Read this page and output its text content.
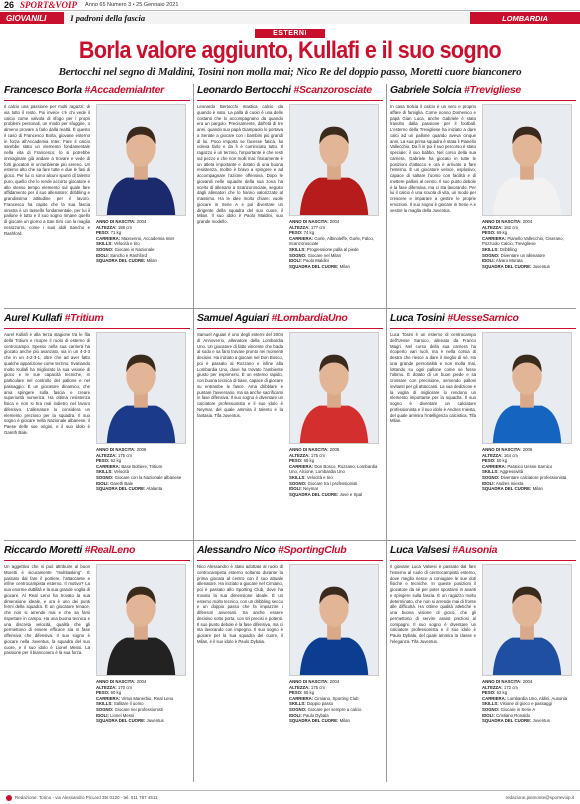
26 SPORT&VOIP Anno 65 Numero 3 • 25 Gennaio 2021
GIOVANILI	I padroni della fascia	LOMBARDIA
ESTERNI
Borla valore aggiunto, Kullafi e il suo sogno
Bertocchi nel segno di Maldini, Tosini non molla mai; Nico Re del doppio passo, Moretti cuore bianconero
Francesco Borla #AccademiaInter
Il calcio una passione per molti ragazzi: di via tutto il resto. Poi invece c'è chi vede il calcio come valvola di sfogo per i propri problemi personali, un modo per sfuggire, o almeno provare a farlo dalla realtà. È questo il caso di Francesco Borla, giovane esterno in forza all'Accademia Inter. Fare il calcio sarebbe stato un elemento fondamentale nella vita di Francesco; lo si potrebbe immaginare già andare a trovare e vede di forti giocatori in un'ambiente più sereno. Un esterno alto che sa fare tutte e due le fasi di gioco. Per lui ci sono alcuni spunti di talento puro, quello che lo rende accorto giocatore e allo stesso tempo elemento sul quale fare affidamento per il suo allenatore: dribbling e grandissima attitudine per il lavoro. Francesco ha capito che la sua fascia sinistra è un tassello fondamentale, per lui il pallone è tutto e il suo sogno rimane quello di giocare un giorno a San Siro con la maglia nerazzurra, come i suoi idoli Sancho e Rashford.
ANNO DI NASCITA: 2004
ALTEZZA: 188 cm
PESO: 71 kg
CARRIERA: Maxsenroi, Accademia Inter
SKILLS: Velocità e tiro
SOGNO: Giocare in Nazionale
IDOLI: Sancho e Rashford
SQUADRA DEL CUORE: Milan
Leonardo Bertocchi #Scanzorosciate
Leonardo Bertocchi mastica calcio da quando è nato. La palla di cuoio è una delle costanti che lo accompagnano da quando era un pargolo. Precisamente, dall'età di tre anni, quando suo papà Giampaolo lo portava a Seriate a giocare con i bambini più grandi di lui. Poco importa se facesse fatica, lui voleva farlo e da lì è cominciato tutto. Il ragazzo è un terzino, l'importante è che resti sul pezzo e che non molli mai: fisicamente è un atleta importante e dotato di una buona resistenza. Inoltre è bravo a spingere e ad accompagnare l'azione offensiva. Dopo le giovanili nelle squadre della sua zona ha scelto di allenarsi a Scanzorosciate, seguito dagli allenatori che lo hanno valorizzato al massimo. Ha le idee molto chiare: vuole giocare in Serie A e poi diventare un dirigente della squadra del suo cuore, il Milan. Il suo idolo è Paolo Maldini, suo grande modello.	ANNO DI NASCITA: 2004
ALTEZZA: 177 cm
PESO: 74 kg
CARRIERA: Gorle, Albinoleffe, Gorle, Falco, Scanzorosciate
SKILLS: Progressione palla al piede
SOGNO: Giocare nel Milan
IDOLI: Paolo Maldini
SQUADRA DEL CUORE: Milan
Gabriele Solcia #Trevigliese
In casa Solcia il calcio è un vero e proprio affare di famiglia. Come nonno Domenico e papà Gian Luca, anche Gabriele è stato travolto dalla passione per il football. L'esterno della Trevigliese ha iniziato a dare calci ad un pallone quando aveva cinque anni. La sua prima squadra è stata il Pianello Vallecchio. Da lì in poi il suo percorso è stato speciale: il suo babbo, Nel corso della sua carriera, Gabriele ha giocato in tutte le posizioni d'attacco e ora è arrivato a fare l'esterno. È un giocatore veloce, esplosivo, capace di saltare l'uomo con facilità e di mettere palloni al centro. Il suo punto debole è la fase difensiva, ma ci sta lavorando. Per lui il calcio è una scuola di vita, un modo per crescere e imparare a gestire le proprie emozioni. Il suo sogno è giocare in Serie A e vestire la maglia della Juventus.
ANNO DI NASCITA: 2004
ALTEZZA: 182 cm
PESO: 69 kg
CARRIERA: Pianello Vallecchio, Ciserano, Pozzuolo Calcio, Trevigliese
SKILLS: Dribbling
SOGNO: Diventare un allenatore
IDOLI: Alvaro Morata
SQUADRA DEL CUORE: Juventus
Aurel Kullafi #Tritium
Aurel Kullafi è alla terza stagione tra le fila della Tritium e ricopre il ruolo di esterno di centrocampo. Spesso nella sua carriera ha giocato anche più avanzato, sia in un 4-3-3 che in un 4-2-3-1, oltre che ad aver fatto qualche apparizione come terzino. Svariando molto Kullafi ha migliorato la sua visione di gioco e le sue capacità tecniche, in particolare nel controllo del pallone e nel passaggio. È un giocatore dinamico, che ama spingere sulla fascia e creare superiorità numerica. Ha ottima resistenza fisica e non si tira mai indietro nel lavoro difensivo. L'allenatore lo considera un elemento prezioso per la squadra. Il suo sogno è giocare nella Nazionale albanese, il Paese delle sue origini, e il suo idolo è Gareth Bale.
ANNO DI NASCITA: 2006
ALTEZZA: 175 cm
PESO: 62 kg
CARRIERA: Base Boltiere, Tritium
SKILLS: Velocità
SOGNO: Giocare con la Nazionale albanese
IDOLI: Gareth Bale
SQUADRA DEL CUORE: Atalanta
Samuel Aguiari #LombardiaUno
Samuel Aguiari è uno degli esterni del 2004 di Annoverrio, allenatore della Lombardia Uno. Un giocatore di fatto vincente che bada al sodo e sa farsi trovare pronto nei momenti decisivi. Ha iniziato a giocare nel Don Bosco, poi è passato al Rozzano e infine alla Lombardia Uno, dove ha trovato l'ambiente giusto per esprimersi. È un esterno rapido, con buona tecnica di base, capace di giocare su entrambe le fasce. Ama dribblare e puntare l'avversario, ma sa anche sacrificarsi in fase difensiva. Il suo sogno è diventare un calciatore professionista e il suo idolo è Neymar, del quale ammira il talento e la fantasia. Tifa Juventus.
ANNO DI NASCITA: 2005
ALTEZZA: 175 cm
PESO: 69 kg
CARRIERA: Don Bosco, Rozzano, Lombardia Uno, Alcione, Lombardia Uno
SKILLS: Velocità e tiro
SOGNO: Giocare tra i professionisti
IDOLI: Neymar
SQUADRA DEL CUORE: Juve e Spal
Luca Tosini #UesseSarnico
Luca Tosini è un esterno di centrocampo dell'Uesse Sarnico, allenato da Franco Magri. Nel corso della sua carriera ha ricoperto vari ruoli, ma è nella corsia di destra che riesce a dare il meglio di sé. Ha una grande personalità e non molla mai, lottando su ogni pallone come se fosse l'ultimo. È dotato di un buon piede e sa crossare con precisione, servendo palloni invitanti per gli attaccanti. La sua dedizione e la voglia di migliorare lo rendono un elemento importante per la squadra. Il suo sogno è diventare un calciatore professionista e il suo idolo è Andres Iniesta, del quale ammira l'intelligenza calcistica. Tifa Milan.
ANNO DI NASCITA: 2006
ALTEZZA: 164 cm
PESO: 50 kg
CARRIERA: Paratico Uesse Sarnico
SKILLS: Aggressività
SOGNO: Diventare calciatore professionista
IDOLI: Andres Iniesta
SQUADRA DEL CUORE: Milan
Riccardo Moretti #RealLeno
Un aggettivo che si può attribuire al buon Moretti è sicuramente “multitasking”. È passato dal fare il portiere, l'attaccante e infine centrocampista esterno. Il motivo? La sua enorme duttilità e la sua grande voglia di giocare. Al Real Leno ha trovato la sua dimensione ideale, e ora è uno dei punti fermi della squadra. È un giocatore tenace, che non si arrende mai e che sa farsi rispettare in campo. Ha una buona tecnica e una discreta velocità, qualità che gli permettono di essere efficace sia in fase offensiva che difensiva. Il suo sogno è giocare nella Juventus, la squadra del suo cuore, e il suo idolo è Lionel Messi. La passione per il bianconero è la sua forza.
ANNO DI NASCITA: 2004
ALTEZZA: 170 cm
PESO: 60 kg
CARRIERA: Virtus Manerbio, Real Leno
SKILLS: Salitare il uomo
SOGNO: Giocare nei professionisti
IDOLI: Lionel Messi
SQUADRA DEL CUORE: Juventus
Alessandro Nico #SportingClub
Nico Alessandro è stato adottato al ruolo di centrocampista esterno soltanto durante la prima giocata al centro con il suo attuale allenatore. Ha iniziato a giocare nel Cimiano, poi è passato allo Sporting Club, dove ha trovato la sua dimensione ideale. È un esterno molto tecnico, con un dribbling secco e un doppio passo che fa impazzire i difensori avversari. Sa anche essere decisivo sotto porta, con tiri precisi e potenti. Il suo punto debole è la fase difensiva, ma ci sta lavorando con impegno. Il suo sogno è giocare per la sua squadra del cuore, il Milan, e il suo idolo è Paulo Dybala.
ANNO DI NASCITA: 2004
ALTEZZA: 175 cm
PESO: 65 kg
CARRIERA: Cimiano, Sporting Club
SKILLS: Doppio passo
SOGNO: Giocare per sempre a calcio
IDOLI: Paulo Dybala
SQUADRA DEL CUORE: Milan
Luca Valsesi #Ausonia
Il giovane Luca Valsesi è passato dal fare l'esterno al ruolo di centrocampista esterno, dove meglio riesce a coniugare le sue doti fisiche e tecniche. In queste posizioni il giocatore da sé per poter spostarsi in avanti e spingere sulla fascia. È un ragazzo molto determinato, che non si arrende mai di fronte alle difficoltà. Ha ottime qualità atletiche e una buona visione di gioco, che gli permettono di servire assist preziosi ai compagni. Il suo sogno è diventare un calciatore professionista e il suo idolo è Paulo Dybala, del quale ammira la classe e l'eleganza. Tifa Juventus.
ANNO DI NASCITA: 2004
ALTEZZA: 172 cm
PESO: 62 kg
CARRIERA: Lombardia Uno, Aldini, Ausonia
SKILLS: Visione di gioco e passaggi
SOGNO: Giocare in Serie A
IDOLI: Cristiano Ronaldo
SQUADRA DEL CUORE: Juventus
Redazione: Torino - via Alessandro Piccard 35/ 0120 - tel. 011 787 4511	redazione.piemonte@sportevoip.it
